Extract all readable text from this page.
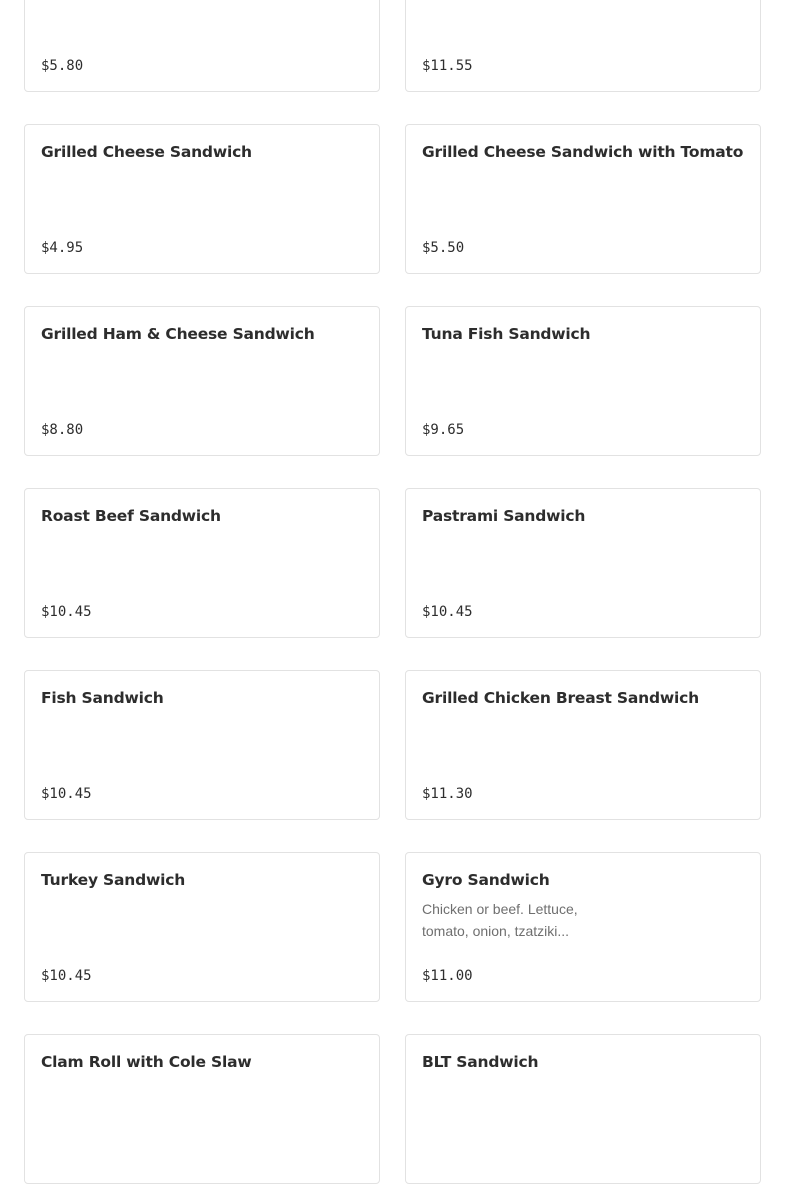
$5.80	$11.55
Grilled Cheese Sandwich
$4.95
Grilled Cheese Sandwich with Tomato
$5.50
Grilled Ham & Cheese Sandwich
$8.80
Tuna Fish Sandwich
$9.65
Roast Beef Sandwich
$10.45
Pastrami Sandwich
$10.45
Fish Sandwich
$10.45
Grilled Chicken Breast Sandwich
$11.30
Turkey Sandwich
$10.45
Gyro Sandwich
Chicken or beef. Lettuce, tomato, onion, tzatziki...
$11.00
Clam Roll with Cole Slaw	BLT Sandwich
